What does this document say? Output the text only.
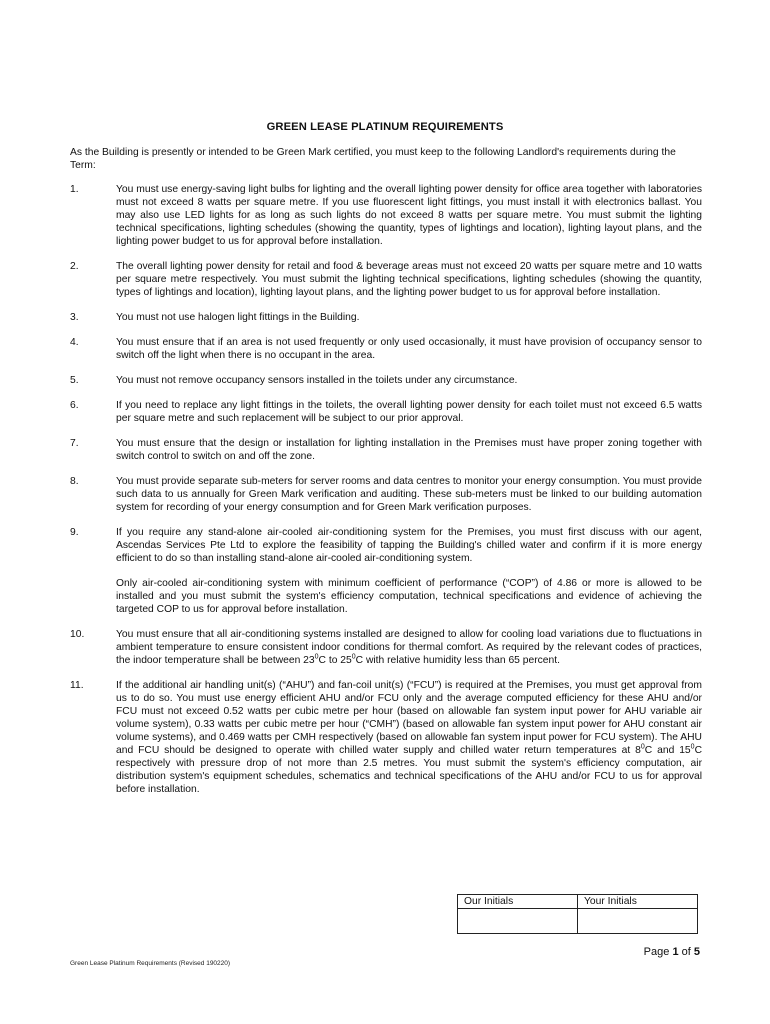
GREEN LEASE PLATINUM REQUIREMENTS
As the Building is presently or intended to be Green Mark certified, you must keep to the following Landlord's requirements during the Term:
1.	You must use energy-saving light bulbs for lighting and the overall lighting power density for office area together with laboratories must not exceed 8 watts per square metre. If you use fluorescent light fittings, you must install it with electronics ballast. You may also use LED lights for as long as such lights do not exceed 8 watts per square metre. You must submit the lighting technical specifications, lighting schedules (showing the quantity, types of lightings and location), lighting layout plans, and the lighting power budget to us for approval before installation.

2.	The overall lighting power density for retail and food & beverage areas must not exceed 20 watts per square metre and 10 watts per square metre respectively. You must submit the lighting technical specifications, lighting schedules (showing the quantity, types of lightings and location), lighting layout plans, and the lighting power budget to us for approval before installation.

3.	You must not use halogen light fittings in the Building.

4.	You must ensure that if an area is not used frequently or only used occasionally, it must have provision of occupancy sensor to switch off the light when there is no occupant in the area.

5.	You must not remove occupancy sensors installed in the toilets under any circumstance.

6.	If you need to replace any light fittings in the toilets, the overall lighting power density for each toilet must not exceed 6.5 watts per square metre and such replacement will be subject to our prior approval.

7.	You must ensure that the design or installation for lighting installation in the Premises must have proper zoning together with switch control to switch on and off the zone.

8.	You must provide separate sub-meters for server rooms and data centres to monitor your energy consumption. You must provide such data to us annually for Green Mark verification and auditing. These sub-meters must be linked to our building automation system for recording of your energy consumption and for Green Mark verification purposes.

9.	If you require any stand-alone air-cooled air-conditioning system for the Premises, you must first discuss with our agent, Ascendas Services Pte Ltd to explore the feasibility of tapping the Building's chilled water and confirm if it is more energy efficient to do so than installing stand-alone air-cooled air-conditioning system.

Only air-cooled air-conditioning system with minimum coefficient of performance (“COP”) of 4.86 or more is allowed to be installed and you must submit the system's efficiency computation, technical specifications and evidence of achieving the targeted COP to us for approval before installation.

10.	You must ensure that all air-conditioning systems installed are designed to allow for cooling load variations due to fluctuations in ambient temperature to ensure consistent indoor conditions for thermal comfort. As required by the relevant codes of practices, the indoor temperature shall be between $23^0C$ to $25^0C$ with relative humidity less than 65 percent.

11.	If the additional air handling unit(s) (“AHU”) and fan-coil unit(s) (“FCU”) is required at the Premises, you must get approval from us to do so. You must use energy efficient AHU and/or FCU only and the average computed efficiency for these AHU and/or FCU must not exceed 0.52 watts per cubic metre per hour (based on allowable fan system input power for AHU variable air volume system), 0.33 watts per cubic metre per hour (“CMH”) (based on allowable fan system input power for AHU constant air volume systems), and 0.469 watts per CMH respectively (based on allowable fan system input power for FCU system). The AHU and FCU should be designed to operate with chilled water supply and chilled water return temperatures at $8^0C$ and $15^0C$ respectively with pressure drop of not more than 2.5 metres. You must submit the system's efficiency computation, air distribution system's equipment schedules, schematics and technical specifications of the AHU and/or FCU to us for approval before installation.

Our Initials	Your Initials
Page 1 of 5
Green Lease Platinum Requirements (Revised 190220)
